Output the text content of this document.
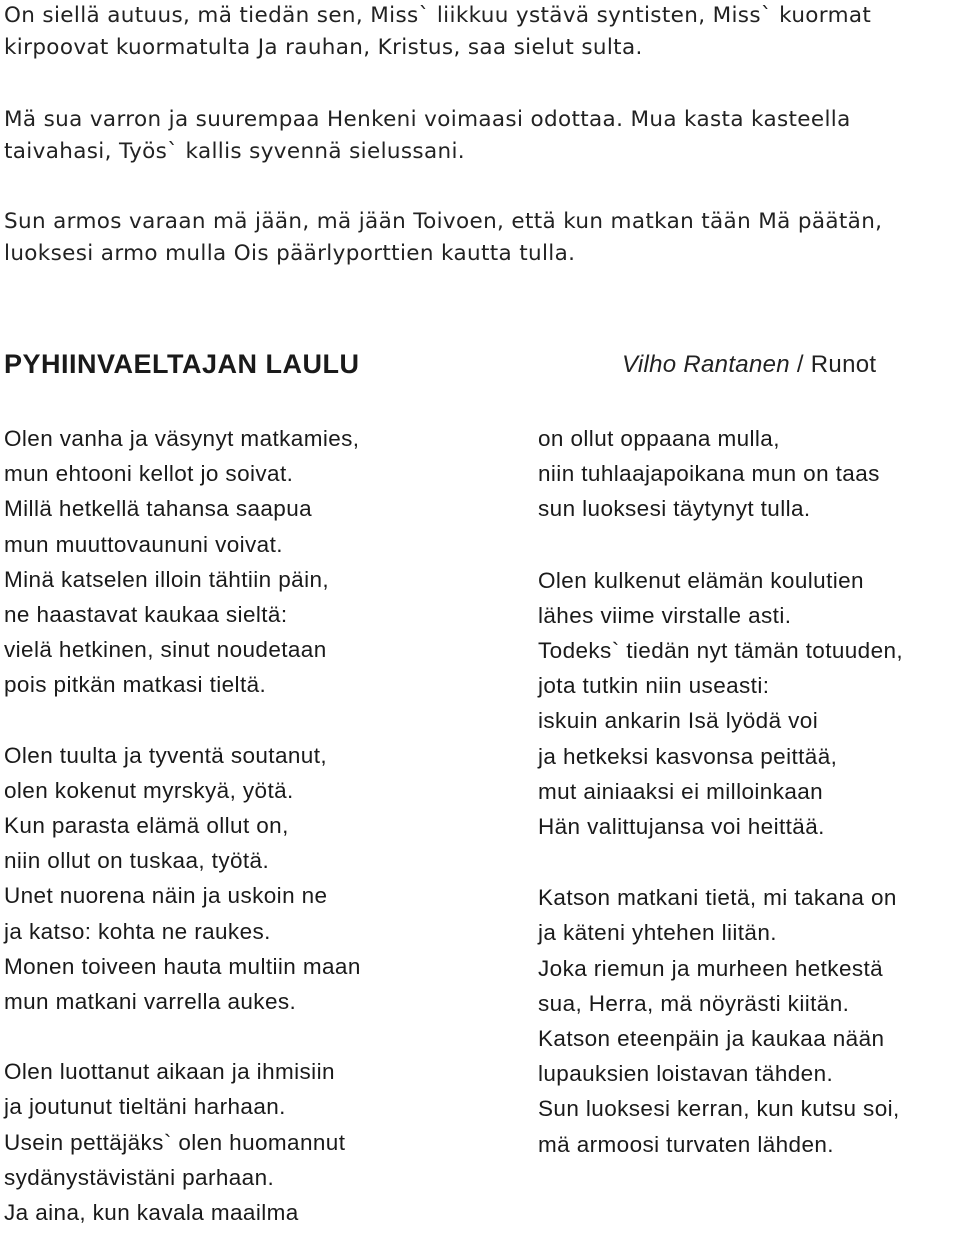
On siellä autuus, mä tiedän sen, Miss` liikkuu ystävä syntisten, Miss` kuormat
kirpoovat kuormatulta Ja rauhan, Kristus, saa sielut sulta.

Mä sua varron ja suurempaa Henkeni voimaasi odottaa. Mua kasta kasteella
taivahasi, Työs` kallis syvennä sielussani.

Sun armos varaan mä jään, mä jään Toivoen, että kun matkan tään Mä päätän,
luoksesi armo mulla Ois päärlyporttien kautta tulla.

PYHIINVAELTAJAN LAULU	Vilho Rantanen / Runot

Olen vanha ja väsynyt matkamies,
mun ehtooni kellot jo soivat.
Millä hetkellä tahansa saapua
mun muuttovaununi voivat.
Minä katselen illoin tähtiin päin,
ne haastavat kaukaa sieltä:
vielä hetkinen, sinut noudetaan
pois pitkän matkasi tieltä.

Olen tuulta ja tyventä soutanut,
olen kokenut myrskyä, yötä.
Kun parasta elämä ollut on,
niin ollut on tuskaa, työtä.
Unet nuorena näin ja uskoin ne
ja katso: kohta ne raukes.
Monen toiveen hauta multiin maan
mun matkani varrella aukes.

Olen luottanut aikaan ja ihmisiin
ja joutunut tieltäni harhaan.
Usein pettäjäks` olen huomannut
sydänystävistäni parhaan.
Ja aina, kun kavala maailma

on ollut oppaana mulla,
niin tuhlaajapoikana mun on taas
sun luoksesi täytynyt tulla.

Olen kulkenut elämän koulutien
lähes viime virstalle asti.
Todeks` tiedän nyt tämän totuuden,
jota tutkin niin useasti:
iskuin ankarin Isä lyödä voi
ja hetkeksi kasvonsa peittää,
mut ainiaaksi ei milloinkaan
Hän valittujansa voi heittää.

Katson matkani tietä, mi takana on
ja käteni yhtehen liitän.
Joka riemun ja murheen hetkestä
sua, Herra, mä nöyrästi kiitän.
Katson eteenpäin ja kaukaa nään
lupauksien loistavan tähden.
Sun luoksesi kerran, kun kutsu soi,
mä armoosi turvaten lähden.
